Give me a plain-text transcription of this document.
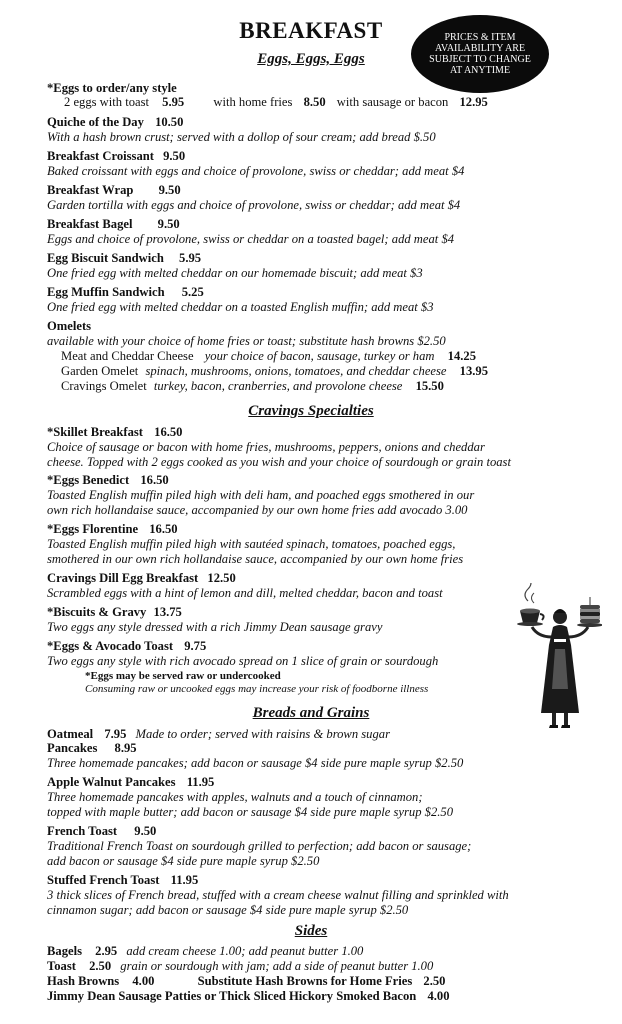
BREAKFAST	PRICES & ITEM
AVAILABILITY ARE
SUBJECT TO CHANGE
AT ANYTIME
Eggs, Eggs, Eggs
*Eggs to order/any style
2 eggs with toast 5.95 with home fries 8.50 with sausage or bacon 12.95
Quiche of the Day 10.50
With a hash brown crust; served with a dollop of sour cream; add bread $.50
Breakfast Croissant 9.50
Baked croissant with eggs and choice of provolone, swiss or cheddar; add meat $4
Breakfast Wrap 9.50
Garden tortilla with eggs and choice of provolone, swiss or cheddar; add meat $4
Breakfast Bagel 9.50
Eggs and choice of provolone, swiss or cheddar on a toasted bagel; add meat $4
Egg Biscuit Sandwich 5.95
One fried egg with melted cheddar on our homemade biscuit; add meat $3
Egg Muffin Sandwich 5.25
One fried egg with melted cheddar on a toasted English muffin; add meat $3
Omelets
available with your choice of home fries or toast; substitute hash browns $2.50
Meat and Cheddar Cheese your choice of bacon, sausage, turkey or ham 14.25
Garden Omelet spinach, mushrooms, onions, tomatoes, and cheddar cheese 13.95
Cravings Omelet turkey, bacon, cranberries, and provolone cheese 15.50
Cravings Specialties
*Skillet Breakfast 16.50
Choice of sausage or bacon with home fries, mushrooms, peppers, onions and cheddar
cheese. Topped with 2 eggs cooked as you wish and your choice of sourdough or grain toast
*Eggs Benedict 16.50
Toasted English muffin piled high with deli ham, and poached eggs smothered in our
own rich hollandaise sauce, accompanied by our own home fries add avocado 3.00
*Eggs Florentine 16.50
Toasted English muffin piled high with sautéed spinach, tomatoes, poached eggs,
smothered in our own rich hollandaise sauce, accompanied by our own home fries
Cravings Dill Egg Breakfast 12.50
Scrambled eggs with a hint of lemon and dill, melted cheddar, bacon and toast
*Biscuits & Gravy 13.75
Two eggs any style dressed with a rich Jimmy Dean sausage gravy
*Eggs & Avocado Toast 9.75
Two eggs any style with rich avocado spread on 1 slice of grain or sourdough
*Eggs may be served raw or undercooked
Consuming raw or uncooked eggs may increase your risk of foodborne illness
Breads and Grains
Oatmeal 7.95 Made to order; served with raisins & brown sugar
Pancakes 8.95
Three homemade pancakes; add bacon or sausage $4 side pure maple syrup $2.50
Apple Walnut Pancakes 11.95
Three homemade pancakes with apples, walnuts and a touch of cinnamon;
topped with maple butter; add bacon or sausage $4 side pure maple syrup $2.50
French Toast 9.50
Traditional French Toast on sourdough grilled to perfection; add bacon or sausage;
add bacon or sausage $4 side pure maple syrup $2.50
Stuffed French Toast 11.95
3 thick slices of French bread, stuffed with a cream cheese walnut filling and sprinkled with
cinnamon sugar; add bacon or sausage $4 side pure maple syrup $2.50
Sides
Bagels 2.95 add cream cheese 1.00; add peanut butter 1.00
Toast 2.50 grain or sourdough with jam; add a side of peanut butter 1.00
Hash Browns 4.00	Substitute Hash Browns for Home Fries 2.50
Jimmy Dean Sausage Patties or Thick Sliced Hickory Smoked Bacon 4.00
